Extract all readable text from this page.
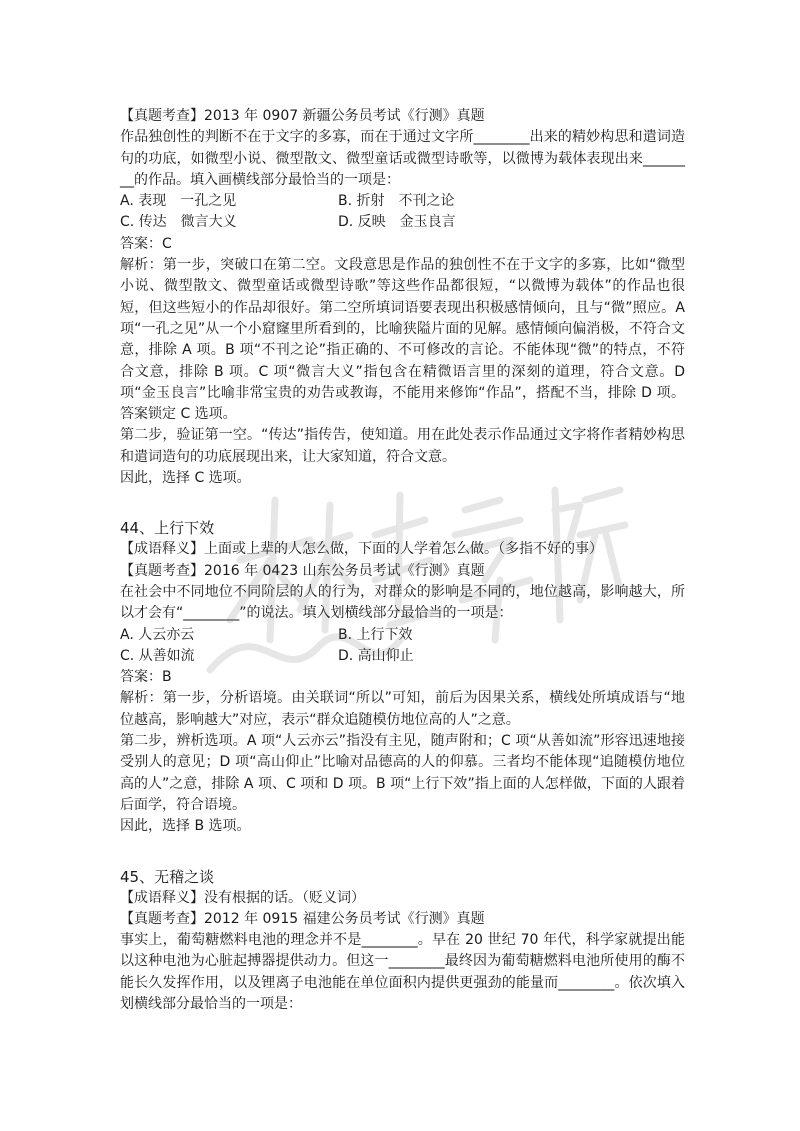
【真题考查】2013 年 0907 新疆公务员考试《行测》真题

作品独创性的判断不在于文字的多寡，而在于通过文字所________出来的精妙构思和遣词造句的功底，如微型小说、微型散文、微型童话或微型诗歌等，以微博为载体表现出来________的作品。填入画横线部分最恰当的一项是：

A. 表现　一孔之见	B. 折射　不刊之论
C. 传达　微言大义	D. 反映　金玉良言

答案：C

解析：第一步，突破口在第二空。文段意思是作品的独创性不在于文字的多寡，比如“微型小说、微型散文、微型童话或微型诗歌”等这些作品都很短，“以微博为载体”的作品也很短，但这些短小的作品却很好。第二空所填词语要表现出积极感情倾向，且与“微”照应。A 项“一孔之见”从一个小窟窿里所看到的，比喻狭隘片面的见解。感情倾向偏消极，不符合文意，排除 A 项。B 项“不刊之论”指正确的、不可修改的言论。不能体现“微”的特点，不符合文意，排除 B 项。C 项“微言大义”指包含在精微语言里的深刻的道理，符合文意。D 项“金玉良言”比喻非常宝贵的劝告或教诲，不能用来修饰“作品”，搭配不当，排除 D 项。答案锁定 C 选项。

第二步，验证第一空。“传达”指传告，使知道。用在此处表示作品通过文字将作者精妙构思和遣词造句的功底展现出来，让大家知道，符合文意。

因此，选择 C 选项。

44、上行下效

【成语释义】上面或上辈的人怎么做，下面的人学着怎么做。（多指不好的事）

【真题考查】2016 年 0423 山东公务员考试《行测》真题

在社会中不同地位不同阶层的人的行为，对群众的影响是不同的，地位越高，影响越大，所以才会有“________”的说法。填入划横线部分最恰当的一项是：

A. 人云亦云	B. 上行下效
C. 从善如流	D. 高山仰止

答案：B

解析：第一步，分析语境。由关联词“所以”可知，前后为因果关系，横线处所填成语与“地位越高，影响越大”对应，表示“群众追随模仿地位高的人”之意。

第二步，辨析选项。A 项“人云亦云”指没有主见，随声附和；C 项“从善如流”形容迅速地接受别人的意见；D 项“高山仰止”比喻对品德高的人的仰慕。三者均不能体现“追随模仿地位高的人”之意，排除 A 项、C 项和 D 项。B 项“上行下效”指上面的人怎样做，下面的人跟着后面学，符合语境。

因此，选择 B 选项。

45、无稽之谈

【成语释义】没有根据的话。（贬义词）

【真题考查】2012 年 0915 福建公务员考试《行测》真题

事实上，葡萄糖燃料电池的理念并不是________。早在 20 世纪 70 年代，科学家就提出能以这种电池为心脏起搏器提供动力。但这一________最终因为葡萄糖燃料电池所使用的酶不能长久发挥作用，以及锂离子电池能在单位面积内提供更强劲的能量而________。依次填入划横线部分最恰当的一项是：
